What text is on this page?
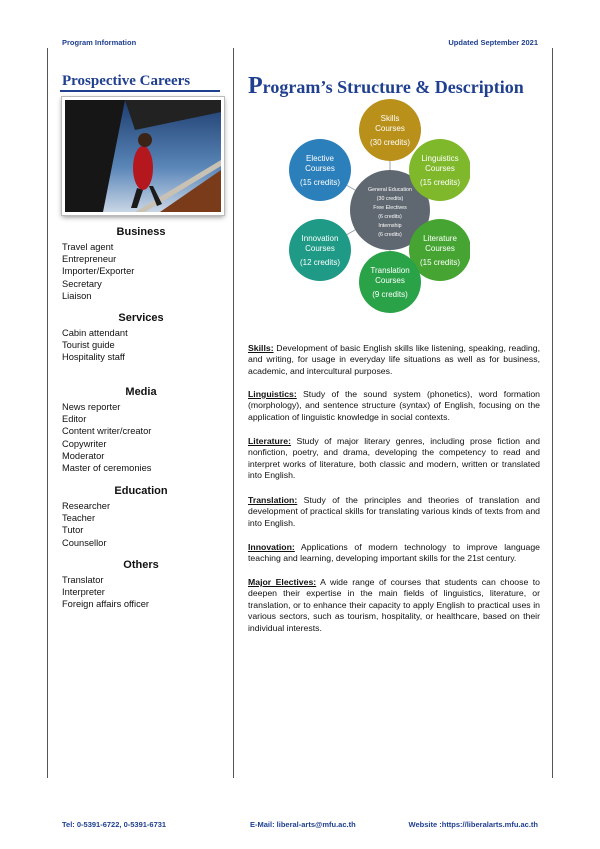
Program Information	Updated September 2021
Prospective Careers
Business
Travel agent
Entrepreneur
Importer/Exporter
Secretary
Liaison
Services
Cabin attendant
Tourist guide
Hospitality staff
Media
News reporter
Editor
Content writer/creator
Copywriter
Moderator
Master of ceremonies
Education
Researcher
Teacher
Tutor
Counsellor
Others
Translator
Interpreter
Foreign affairs officer
Program’s Structure & Description
General Education
(30 credits)
Free Electives
(6 credits)
Internship
(6 credits)
Skills
Courses
(30 credits)
Linguistics
Courses
(15 credits)
Literature
Courses
(15 credits)
Translation
Courses
(9 credits)
Innovation
Courses
(12 credits)
Elective
Courses
(15 credits)

Skills: Development of basic English skills like listening, speaking, reading, and writing, for usage in everyday life situations as well as for business, academic, and intercultural purposes.

Linguistics: Study of the sound system (phonetics), word formation (morphology), and sentence structure (syntax) of English, focusing on the application of linguistic knowledge in social contexts.

Literature: Study of major literary genres, including prose fiction and nonfiction, poetry, and drama, developing the competency to read and interpret works of literature, both classic and modern, written or translated into English.

Translation: Study of the principles and theories of translation and development of practical skills for translating various kinds of texts from and into English.

Innovation: Applications of modern technology to improve language teaching and learning, developing important skills for the 21st century.

Major Electives: A wide range of courses that students can choose to deepen their expertise in the main fields of linguistics, literature, or translation, or to enhance their capacity to apply English to practical uses in various sectors, such as tourism, hospitality, or healthcare, based on their individual interests.

Tel: 0-5391-6722, 0-5391-6731	E-Mail: liberal-arts@mfu.ac.th	Website :https://liberalarts.mfu.ac.th
